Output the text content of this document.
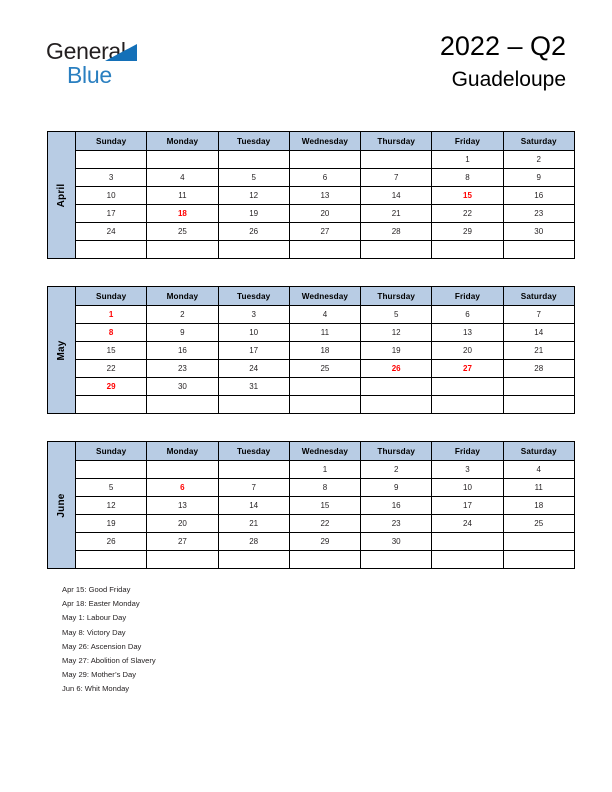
General
Blue
2022 – Q2
Guadeloupe
April	Sunday	Monday	Tuesday	Wednesday	Thursday	Friday	Saturday
						1	2
	3	4	5	6	7	8	9
	10	11	12	13	14	15	16
	17	18	19	20	21	22	23
	24	25	26	27	28	29	30

May	Sunday	Monday	Tuesday	Wednesday	Thursday	Friday	Saturday
	1	2	3	4	5	6	7
	8	9	10	11	12	13	14
	15	16	17	18	19	20	21
	22	23	24	25	26	27	28
	29	30	31				

June	Sunday	Monday	Tuesday	Wednesday	Thursday	Friday	Saturday
				1	2	3	4
	5	6	7	8	9	10	11
	12	13	14	15	16	17	18
	19	20	21	22	23	24	25
	26	27	28	29	30		

Apr 15: Good Friday
Apr 18: Easter Monday
May 1: Labour Day
May 8: Victory Day
May 26: Ascension Day
May 27: Abolition of Slavery
May 29: Mother’s Day
Jun 6: Whit Monday
